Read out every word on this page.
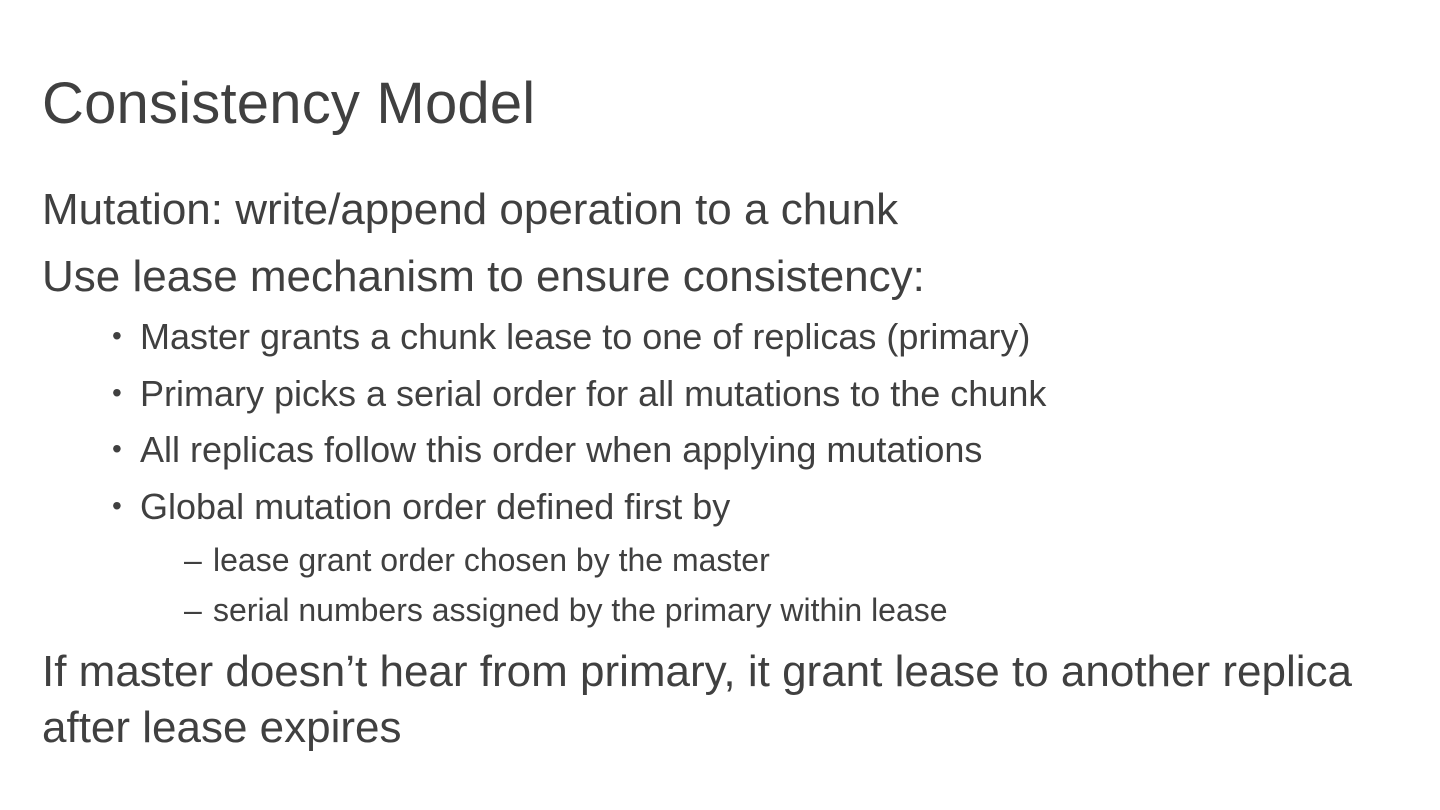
Consistency Model
Mutation: write/append operation to a chunk
Use lease mechanism to ensure consistency:
• Master grants a chunk lease to one of replicas (primary)
• Primary picks a serial order for all mutations to the chunk
• All replicas follow this order when applying mutations
• Global mutation order defined first by
– lease grant order chosen by the master
– serial numbers assigned by the primary within lease
If master doesn’t hear from primary, it grant lease to another replica after lease expires
